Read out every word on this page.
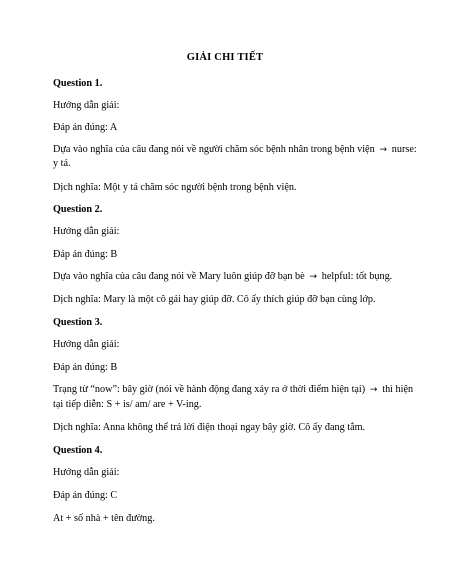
GIẢI CHI TIẾT
Question 1.
Hướng dẫn giải:
Đáp án đúng: A
Dựa vào nghĩa của câu đang nói về người chăm sóc bệnh nhân trong bệnh viện → nurse:
y tá.
Dịch nghĩa: Một y tá chăm sóc người bệnh trong bệnh viện.
Question 2.
Hướng dẫn giải:
Đáp án đúng: B
Dựa vào nghĩa của câu đang nói về Mary luôn giúp đỡ bạn bè → helpful: tốt bụng.
Dịch nghĩa: Mary là một cô gái hay giúp đỡ. Cô ấy thích giúp đỡ bạn cùng lớp.
Question 3.
Hướng dẫn giải:
Đáp án đúng: B
Trạng từ “now”: bây giờ (nói về hành động đang xảy ra ở thời điểm hiện tại) → thì hiện
tại tiếp diễn: S + is/ am/ are + V-ing.
Dịch nghĩa: Anna không thể trả lời điện thoại ngay bây giờ. Cô ấy đang tắm.
Question 4.
Hướng dẫn giải:
Đáp án đúng: C
At + số nhà + tên đường.
